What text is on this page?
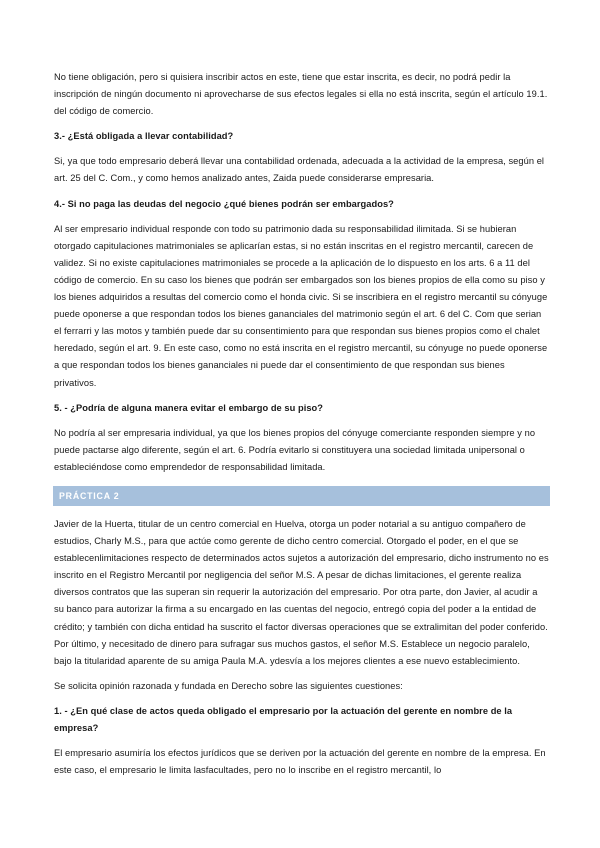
No tiene obligación, pero si quisiera inscribir actos en este, tiene que estar inscrita, es decir, no podrá pedir la inscripción de ningún documento ni aprovecharse de sus efectos legales si ella no está inscrita, según el artículo 19.1. del código de comercio.

3.- ¿Está obligada a llevar contabilidad?

Si, ya que todo empresario deberá llevar una contabilidad ordenada, adecuada a la actividad de la empresa, según el art. 25 del C. Com., y como hemos analizado antes, Zaida puede considerarse empresaria.

4.- Si no paga las deudas del negocio ¿qué bienes podrán ser embargados?

Al ser empresario individual responde con todo su patrimonio dada su responsabilidad ilimitada. Si se hubieran otorgado capitulaciones matrimoniales se aplicarían estas, si no están inscritas en el registro mercantil, carecen de validez. Si no existe capitulaciones matrimoniales se procede a la aplicación de lo dispuesto en los arts. 6 a 11 del código de comercio. En su caso los bienes que podrán ser embargados son los bienes propios de ella como su piso y los bienes adquiridos a resultas del comercio como el honda civic. Si se inscribiera en el registro mercantil su cónyuge puede oponerse a que respondan todos los bienes gananciales del matrimonio según el art. 6 del C. Com que serian el ferrarri y las motos y también puede dar su consentimiento para que respondan sus bienes propios como el chalet heredado, según el art. 9. En este caso, como no está inscrita en el registro mercantil, su cónyuge no puede oponerse a que respondan todos los bienes gananciales ni puede dar el consentimiento de que respondan sus bienes privativos.

5. - ¿Podría de alguna manera evitar el embargo de su piso?

No podría al ser empresaria individual, ya que los bienes propios del cónyuge comerciante responden siempre y no puede pactarse algo diferente, según el art. 6. Podría evitarlo si constituyera una sociedad limitada unipersonal o estableciéndose como emprendedor de responsabilidad limitada.

PRÁCTICA 2

Javier de la Huerta, titular de un centro comercial en Huelva, otorga un poder notarial a su antiguo compañero de estudios, Charly M.S., para que actúe como gerente de dicho centro comercial. Otorgado el poder, en el que se establecenlimitaciones respecto de determinados actos sujetos a autorización del empresario, dicho instrumento no es inscrito en el Registro Mercantil por negligencia del señor M.S. A pesar de dichas limitaciones, el gerente realiza diversos contratos que las superan sin requerir la autorización del empresario. Por otra parte, don Javier, al acudir a su banco para autorizar la firma a su encargado en las cuentas del negocio, entregó copia del poder a la entidad de crédito; y también con dicha entidad ha suscrito el factor diversas operaciones que se extralimitan del poder conferido. Por último, y necesitado de dinero para sufragar sus muchos gastos, el señor M.S. Establece un negocio paralelo, bajo la titularidad aparente de su amiga Paula M.A. ydesvía a los mejores clientes a ese nuevo establecimiento.

Se solicita opinión razonada y fundada en Derecho sobre las siguientes cuestiones:

1. - ¿En qué clase de actos queda obligado el empresario por la actuación del gerente en nombre de la empresa?

El empresario asumiría los efectos jurídicos que se deriven por la actuación del gerente en nombre de la empresa. En este caso, el empresario le limita lasfacultades, pero no lo inscribe en el registro mercantil, lo
